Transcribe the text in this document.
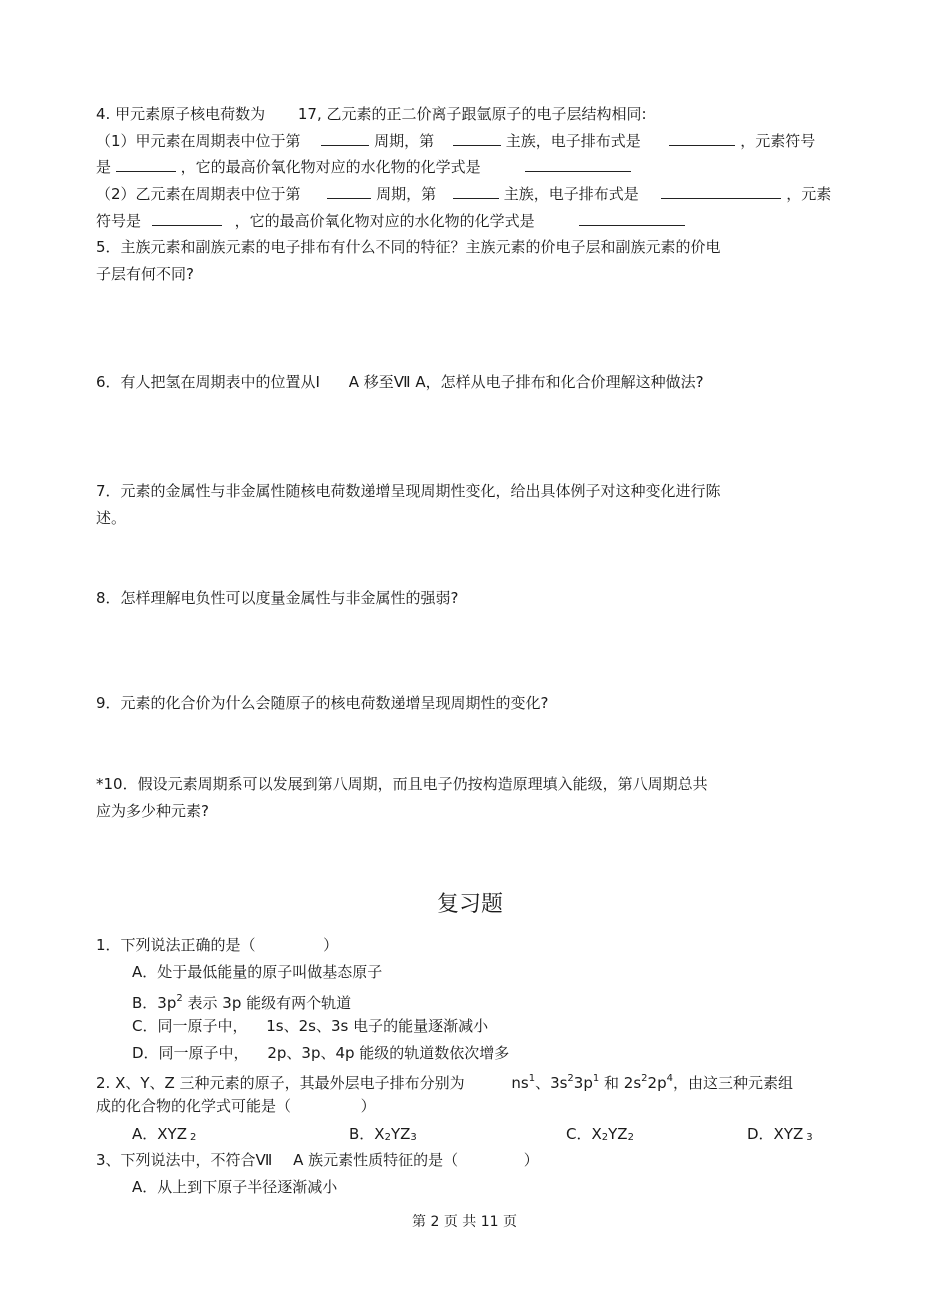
4. 甲元素原子核电荷数为 17, 乙元素的正二价离子跟氩原子的电子层结构相同:
（1）甲元素在周期表中位于第	周期，第	主族，电子排布式是	，元素符号
是	，它的最高价氧化物对应的水化物的化学式是
（2）乙元素在周期表中位于第	周期，第	主族，电子排布式是	，元素
符号是	，它的最高价氧化物对应的水化物的化学式是
5．主族元素和副族元素的电子排布有什么不同的特征？主族元素的价电子层和副族元素的价电
子层有何不同?
6．有人把氢在周期表中的位置从Ⅰ A 移至Ⅶ A，怎样从电子排布和化合价理解这种做法?
7．元素的金属性与非金属性随核电荷数递增呈现周期性变化，给出具体例子对这种变化进行陈
述。
8．怎样理解电负性可以度量金属性与非金属性的强弱?
9．元素的化合价为什么会随原子的核电荷数递增呈现周期性的变化?
*10．假设元素周期系可以发展到第八周期，而且电子仍按构造原理填入能级，第八周期总共
应为多少种元素?
复习题
1．下列说法正确的是（	）
A．处于最低能量的原子叫做基态原子
B．$3p^2$ 表示 3p 能级有两个轨道
C．同一原子中， 1s、2s、3s 电子的能量逐渐减小
D．同一原子中， 2p、3p、4p 能级的轨道数依次增多
2. X、Y、Z 三种元素的原子，其最外层电子排布分别为	$ns^1$、$3s^23p^1$ 和 $2s^22p^4$，由这三种元素组
成的化合物的化学式可能是（	）
A．XYZ 2	B．X2YZ3	C．X2YZ2	D．XYZ 3
3、下列说法中，不符合Ⅶ A 族元素性质特征的是（	）
A．从上到下原子半径逐渐减小
第 2 页 共 11 页
